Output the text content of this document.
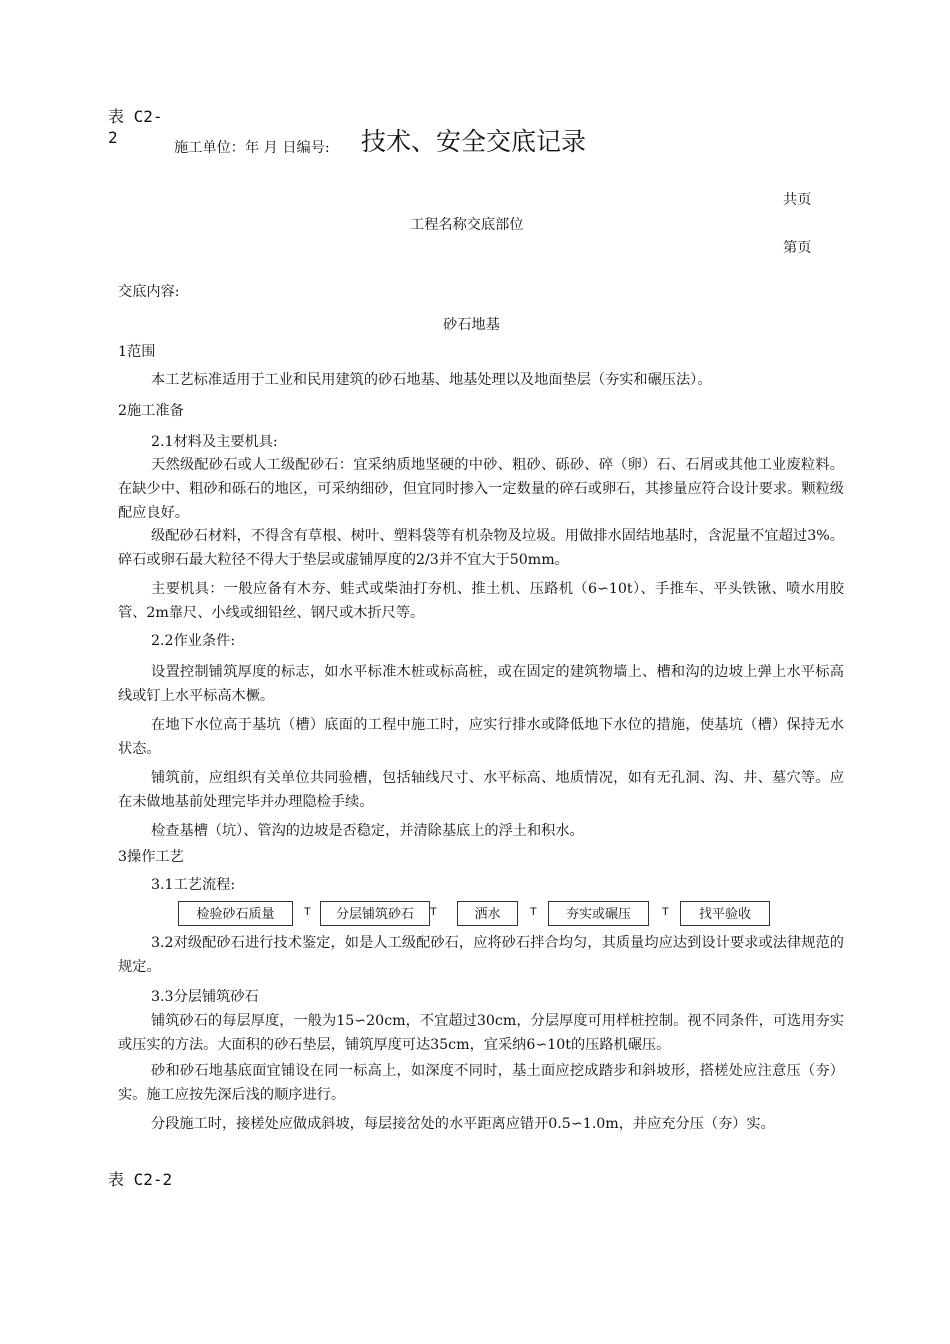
表 C2-
2
施工单位：年 月 日编号: 技术、安全交底记录
共页
工程名称交底部位
第页
交底内容:
砂石地基
1范围
本工艺标准适用于工业和民用建筑的砂石地基、地基处理以及地面垫层（夯实和碾压法）。
2施工准备
2.1材料及主要机具:
天然级配砂石或人工级配砂石：宜采纳质地坚硬的中砂、粗砂、砾砂、碎（卵）石、石屑或其他工业废粒料。在缺少中、粗砂和砾石的地区，可采纳细砂，但宜同时掺入一定数量的碎石或卵石，其掺量应符合设计要求。颗粒级配应良好。
级配砂石材料，不得含有草根、树叶、塑料袋等有机杂物及垃圾。用做排水固结地基时，含泥量不宜超过3%。碎石或卵石最大粒径不得大于垫层或虚铺厚度的2/3并不宜大于50mm。
主要机具：一般应备有木夯、蛙式或柴油打夯机、推土机、压路机（6∽10t）、手推车、平头铁锹、喷水用胶管、2m靠尺、小线或细铅丝、钢尺或木折尺等。
2.2作业条件:
设置控制铺筑厚度的标志，如水平标准木桩或标高桩，或在固定的建筑物墙上、槽和沟的边坡上弹上水平标高线或钉上水平标高木橛。
在地下水位高于基坑（槽）底面的工程中施工时，应实行排水或降低地下水位的措施，使基坑（槽）保持无水状态。
铺筑前，应组织有关单位共同验槽，包括轴线尺寸、水平标高、地质情况，如有无孔洞、沟、井、墓穴等。应在未做地基前处理完毕并办理隐检手续。
检查基槽（坑）、管沟的边坡是否稳定，并清除基底上的浮土和积水。
3操作工艺
3.1工艺流程:
检验砂石质量	T	分层铺筑砂石	T	洒水	T	夯实或碾压	T	找平验收
3.2对级配砂石进行技术鉴定，如是人工级配砂石，应将砂石拌合均匀，其质量均应达到设计要求或法律规范的规定。
3.3分层铺筑砂石
铺筑砂石的每层厚度，一般为15∽20cm，不宜超过30cm，分层厚度可用样桩控制。视不同条件，可选用夯实或压实的方法。大面积的砂石垫层，铺筑厚度可达35cm，宜采纳6∽10t的压路机碾压。
砂和砂石地基底面宜铺设在同一标高上，如深度不同时，基土面应挖成踏步和斜坡形，搭槎处应注意压（夯）实。施工应按先深后浅的顺序进行。
分段施工时，接槎处应做成斜坡，每层接岔处的水平距离应错开0.5∽1.0m，并应充分压（夯）实。
表 C2-2
